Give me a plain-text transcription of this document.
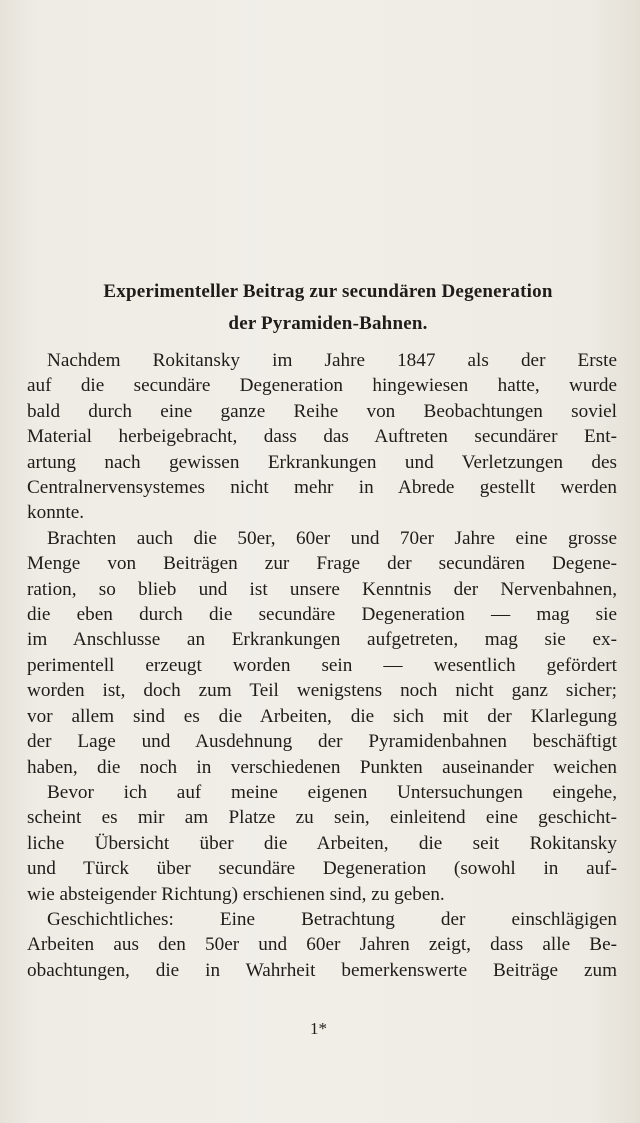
Experimenteller Beitrag zur secundären Degeneration
der Pyramiden-Bahnen.
Nachdem Rokitansky im Jahre 1847 als der Erste
auf die secundäre Degeneration hingewiesen hatte, wurde
bald durch eine ganze Reihe von Beobachtungen soviel
Material herbeigebracht, dass das Auftreten secundärer Ent-
artung nach gewissen Erkrankungen und Verletzungen des
Centralnervensystemes nicht mehr in Abrede gestellt werden
konnte.
Brachten auch die 50er, 60er und 70er Jahre eine grosse
Menge von Beiträgen zur Frage der secundären Degene-
ration, so blieb und ist unsere Kenntnis der Nervenbahnen,
die eben durch die secundäre Degeneration — mag sie
im Anschlusse an Erkrankungen aufgetreten, mag sie ex-
perimentell erzeugt worden sein — wesentlich gefördert
worden ist, doch zum Teil wenigstens noch nicht ganz sicher;
vor allem sind es die Arbeiten, die sich mit der Klarlegung
der Lage und Ausdehnung der Pyramidenbahnen beschäftigt
haben, die noch in verschiedenen Punkten auseinander weichen
Bevor ich auf meine eigenen Untersuchungen eingehe,
scheint es mir am Platze zu sein, einleitend eine geschicht-
liche Übersicht über die Arbeiten, die seit Rokitansky
und Türck über secundäre Degeneration (sowohl in auf-
wie absteigender Richtung) erschienen sind, zu geben.
Geschichtliches: Eine Betrachtung der einschlägigen
Arbeiten aus den 50er und 60er Jahren zeigt, dass alle Be-
obachtungen, die in Wahrheit bemerkenswerte Beiträge zum
1*
